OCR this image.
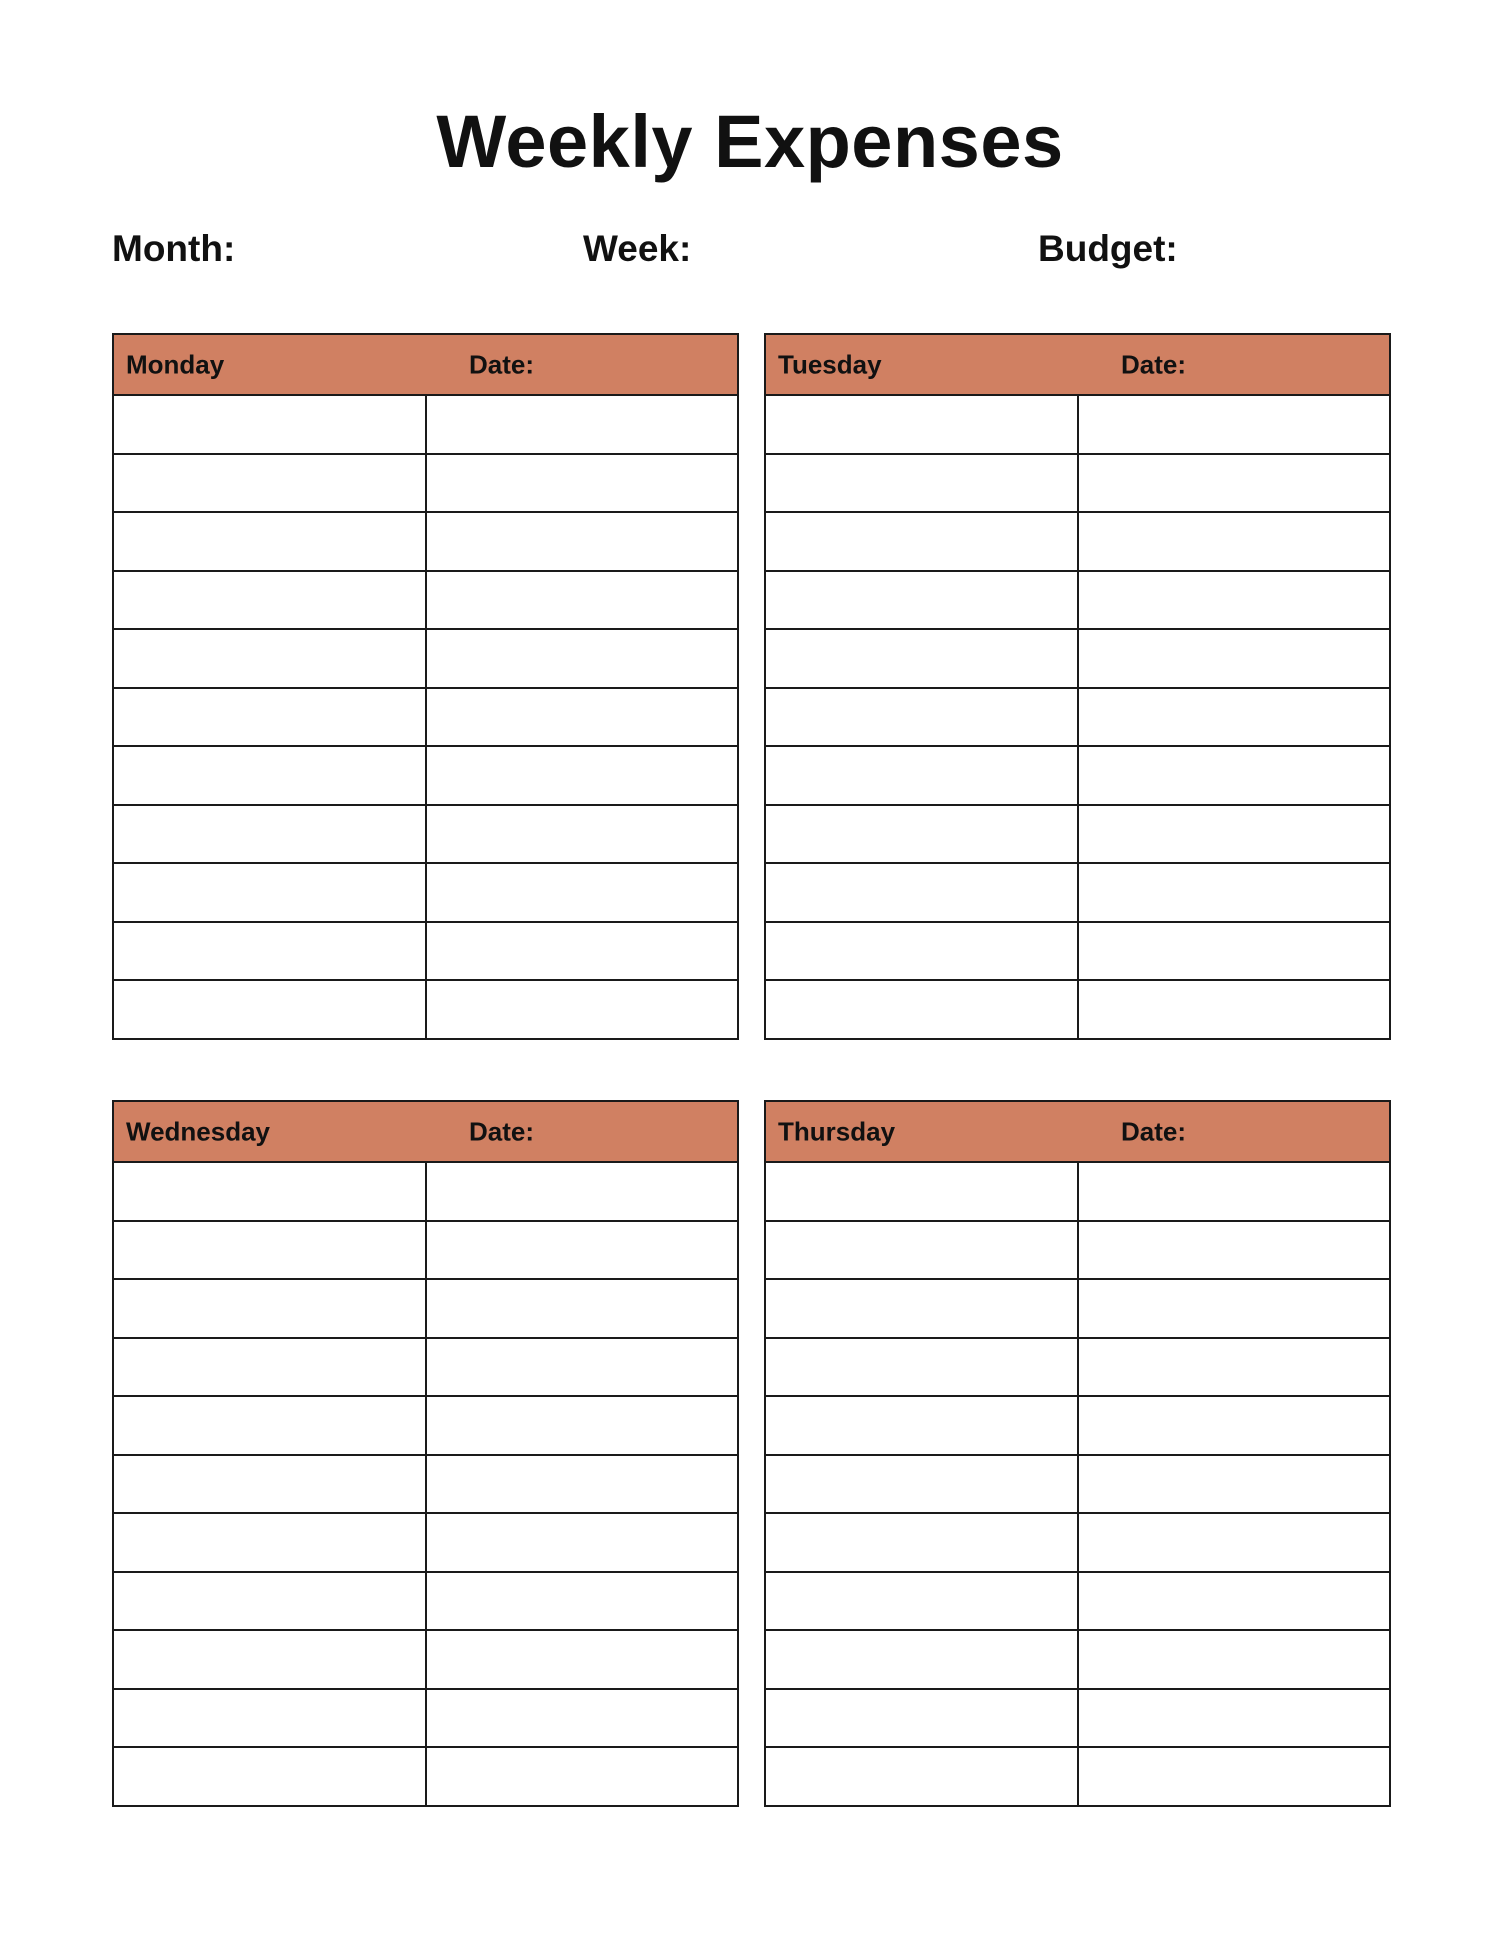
Weekly Expenses
Month:	Week:	Budget:
Monday Date:	

		Tuesday Date:	

Wednesday Date:	

		Thursday Date:	
